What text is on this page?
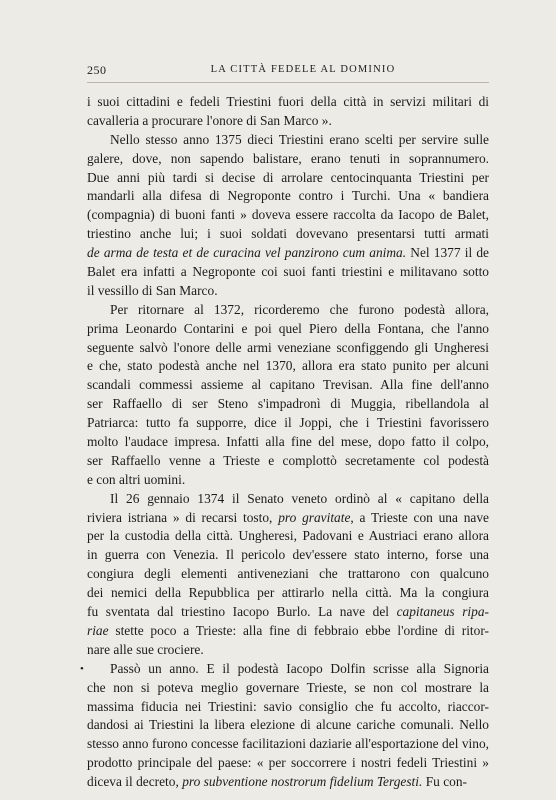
250	LA CITTÀ FEDELE AL DOMINIO
i suoi cittadini e fedeli Triestini fuori della città in servizi militari di
cavalleria a procurare l'onore di San Marco ».
Nello stesso anno 1375 dieci Triestini erano scelti per servire sulle
galere, dove, non sapendo balistare, erano tenuti in soprannumero.
Due anni più tardi si decise di arrolare centocinquanta Triestini per
mandarli alla difesa di Negroponte contro i Turchi. Una « bandiera
(compagnia) di buoni fanti » doveva essere raccolta da Iacopo de Balet,
triestino anche lui; i suoi soldati dovevano presentarsi tutti armati
de arma de testa et de curacina vel panzirono cum anima. Nel 1377 il de
Balet era infatti a Negroponte coi suoi fanti triestini e militavano sotto
il vessillo di San Marco.
Per ritornare al 1372, ricorderemo che furono podestà allora,
prima Leonardo Contarini e poi quel Piero della Fontana, che l'anno
seguente salvò l'onore delle armi veneziane sconfiggendo gli Ungheresi
e che, stato podestà anche nel 1370, allora era stato punito per alcuni
scandali commessi assieme al capitano Trevisan. Alla fine dell'anno
ser Raffaello di ser Steno s'impadronì di Muggia, ribellandola al
Patriarca: tutto fa supporre, dice il Joppi, che i Triestini favorissero
molto l'audace impresa. Infatti alla fine del mese, dopo fatto il colpo,
ser Raffaello venne a Trieste e complottò secretamente col podestà
e con altri uomini.
Il 26 gennaio 1374 il Senato veneto ordinò al « capitano della
riviera istriana » di recarsi tosto, pro gravitate, a Trieste con una nave
per la custodia della città. Ungheresi, Padovani e Austriaci erano allora
in guerra con Venezia. Il pericolo dev'essere stato interno, forse una
congiura degli elementi antiveneziani che trattarono con qualcuno
dei nemici della Repubblica per attirarlo nella città. Ma la congiura
fu sventata dal triestino Iacopo Burlo. La nave del capitaneus ripa-
riae stette poco a Trieste: alla fine di febbraio ebbe l'ordine di ritor-
nare alle sue crociere.
• Passò un anno. E il podestà Iacopo Dolfin scrisse alla Signoria
che non si poteva meglio governare Trieste, se non col mostrare la
massima fiducia nei Triestini: savio consiglio che fu accolto, riaccor-
dandosi ai Triestini la libera elezione di alcune cariche comunali. Nello
stesso anno furono concesse facilitazioni daziarie all'esportazione del vino,
prodotto principale del paese: « per soccorrere i nostri fedeli Triestini »
diceva il decreto, pro subventione nostrorum fidelium Tergesti. Fu con-
